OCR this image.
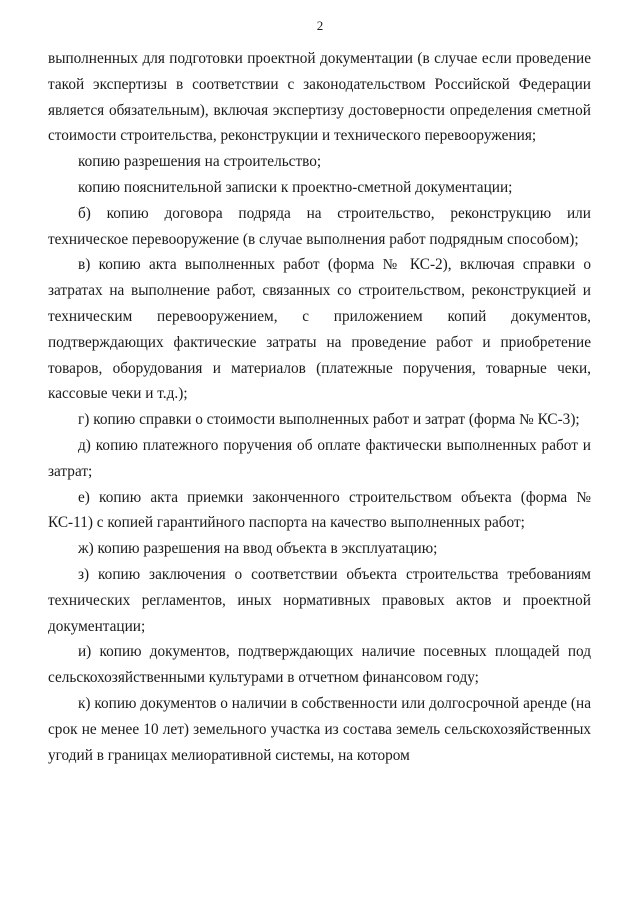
2

выполненных для подготовки проектной документации (в случае если проведение такой экспертизы в соответствии с законодательством Российской Федерации является обязательным), включая экспертизу достоверности определения сметной стоимости строительства, реконструкции и технического перевооружения;

копию разрешения на строительство;

копию пояснительной записки к проектно-сметной документации;

б) копию договора подряда на строительство, реконструкцию или техническое перевооружение (в случае выполнения работ подрядным способом);

в) копию акта выполненных работ (форма № КС-2), включая справки о затратах на выполнение работ, связанных со строительством, реконструкцией и техническим перевооружением, с приложением копий документов, подтверждающих фактические затраты на проведение работ и приобретение товаров, оборудования и материалов (платежные поручения, товарные чеки, кассовые чеки и т.д.);

г) копию справки о стоимости выполненных работ и затрат (форма № КС-3);

д) копию платежного поручения об оплате фактически выполненных работ и затрат;

е) копию акта приемки законченного строительством объекта (форма № КС-11) с копией гарантийного паспорта на качество выполненных работ;

ж) копию разрешения на ввод объекта в эксплуатацию;

з) копию заключения о соответствии объекта строительства требованиям технических регламентов, иных нормативных правовых актов и проектной документации;

и) копию документов, подтверждающих наличие посевных площадей под сельскохозяйственными культурами в отчетном финансовом году;

к) копию документов о наличии в собственности или долгосрочной аренде (на срок не менее 10 лет) земельного участка из состава земель сельскохозяйственных угодий в границах мелиоративной системы, на котором
